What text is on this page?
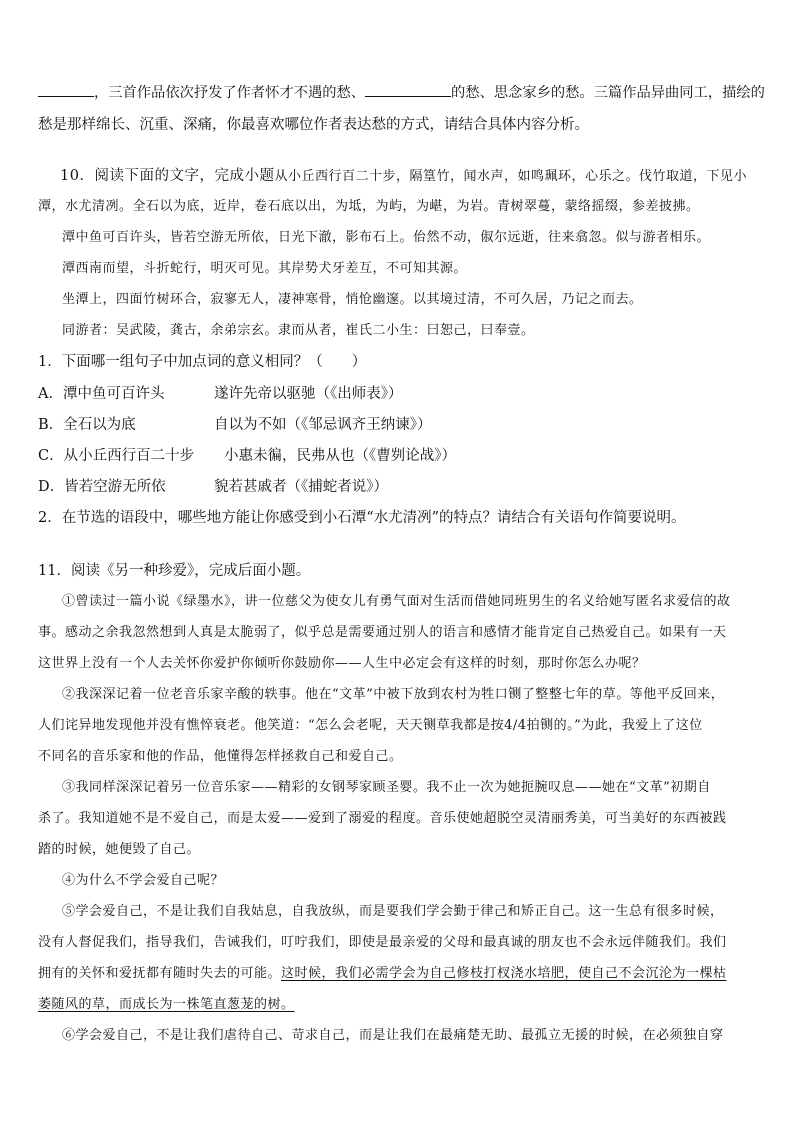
，三首作品依次抒发了作者怀才不遇的愁、	的愁、思念家乡的愁。三篇作品异曲同工，描绘的
愁是那样绵长、沉重、深痛，你最喜欢哪位作者表达愁的方式，请结合具体内容分析。
10．阅读下面的文字，完成小题从小丘西行百二十步，隔篁竹，闻水声，如鸣珮环，心乐之。伐竹取道，下见小
潭，水尤清冽。全石以为底，近岸，卷石底以出，为坻，为屿，为嵁，为岩。青树翠蔓，蒙络摇缀，参差披拂。
潭中鱼可百许头，皆若空游无所依，日光下澈，影布石上。佁然不动，俶尔远逝，往来翕忽。似与游者相乐。
潭西南而望，斗折蛇行，明灭可见。其岸势犬牙差互，不可知其源。
坐潭上，四面竹树环合，寂寥无人，凄神寒骨，悄怆幽邃。以其境过清，不可久居，乃记之而去。
同游者：吴武陵，龚古，余弟宗玄。隶而从者，崔氏二小生：曰恕己，曰奉壹。
1．下面哪一组句子中加点词的意义相同？（　　）
A．潭中鱼可百许头	遂许先帝以驱驰（《出师表》）
B．全石以为底	自以为不如（《邹忌讽齐王纳谏》）
C．从小丘西行百二十步 小惠未徧，民弗从也（《曹刿论战》）
D．皆若空游无所依	貌若甚戚者（《捕蛇者说》）
2．在节选的语段中，哪些地方能让你感受到小石潭“水尤清冽”的特点？请结合有关语句作简要说明。
11．阅读《另一种珍爱》，完成后面小题。
①曾读过一篇小说《绿墨水》，讲一位慈父为使女儿有勇气面对生活而借她同班男生的名义给她写匿名求爱信的故
事。感动之余我忽然想到人真是太脆弱了，似乎总是需要通过别人的语言和感情才能肯定自己热爱自己。如果有一天
这世界上没有一个人去关怀你爱护你倾听你鼓励你——人生中必定会有这样的时刻，那时你怎么办呢？
②我深深记着一位老音乐家辛酸的轶事。他在“文革”中被下放到农村为牲口铡了整整七年的草。等他平反回来，
人们诧异地发现他并没有憔悴衰老。他笑道：“怎么会老呢，天天铡草我都是按4/4拍铡的。”为此，我爱上了这位
不同名的音乐家和他的作品，他懂得怎样拯救自己和爱自己。
③我同样深深记着另一位音乐家——精彩的女钢琴家顾圣婴。我不止一次为她扼腕叹息——她在“文革”初期自
杀了。我知道她不是不爱自己，而是太爱——爱到了溺爱的程度。音乐使她超脱空灵清丽秀美，可当美好的东西被践
踏的时候，她便毁了自己。
④为什么不学会爱自己呢？
⑤学会爱自己，不是让我们自我姑息，自我放纵，而是要我们学会勤于律己和矫正自己。这一生总有很多时候，
没有人督促我们，指导我们，告诫我们，叮咛我们，即使是最亲爱的父母和最真诚的朋友也不会永远伴随我们。我们
拥有的关怀和爱抚都有随时失去的可能。这时候，我们必需学会为自己修枝打杈浇水培肥，使自己不会沉沦为一棵枯
萎随风的草，而成长为一株笔直葱茏的树。
⑥学会爱自己，不是让我们虐待自己、苛求自己，而是让我们在最痛楚无助、最孤立无援的时候，在必须独自穿
